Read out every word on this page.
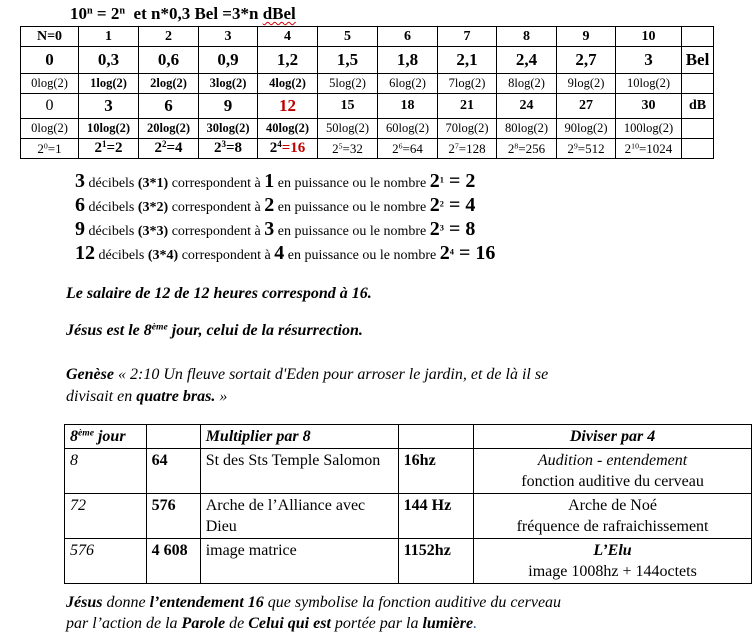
$10^n = 2^n$  et n*0,3 Bel =3*n dBel
N=0	1	2	3	4	5	6	7	8	9	10	
0	0,3	0,6	0,9	1,2	1,5	1,8	2,1	2,4	2,7	3	Bel
0log(2)	1log(2)	2log(2)	3log(2)	4log(2)	5log(2)	6log(2)	7log(2)	8log(2)	9log(2)	10log(2)	
0	3	6	9	12	15	18	21	24	27	30	dB
0log(2)	10log(2)	20log(2)	30log(2)	40log(2)	50log(2)	60log(2)	70log(2)	80log(2)	90log(2)	100log(2)	
$2^0=1$	$2^1=2$	$2^2=4$	$2^3=8$	$2^4=16$	$2^5=32$	$2^6=64$	$2^7=128$	$2^8=256$	$2^9=512$	$2^{10}=1024$	
3 décibels (3*1) correspondent à 1 en puissance ou le nombre $2^1 = 2$
6 décibels (3*2) correspondent à 2 en puissance ou le nombre $2^2 = 4$
9 décibels (3*3) correspondent à 3 en puissance ou le nombre $2^3 = 8$
12 décibels (3*4) correspondent à 4 en puissance ou le nombre $2^4 = 16$
Le salaire de 12 de 12 heures correspond à 16.
Jésus est le 8ème jour, celui de la résurrection.
Genèse « 2:10 Un fleuve sortait d'Eden pour arroser le jardin, et de là il se
divisait en quatre bras. »
8ème jour		Multiplier par 8		Diviser par 4
8	64	St des Sts Temple Salomon	16hz	Audition - entendement
fonction auditive du cerveau

72	576	Arche de l’Alliance avec Dieu	144 Hz	Arche de Noé
fréquence de rafraichissement

576	4 608	image matrice	1152hz	L’Elu
image 1008hz + 144octets
Jésus donne l’entendement 16 que symbolise la fonction auditive du cerveau
par l’action de la Parole de Celui qui est portée par la lumière.
